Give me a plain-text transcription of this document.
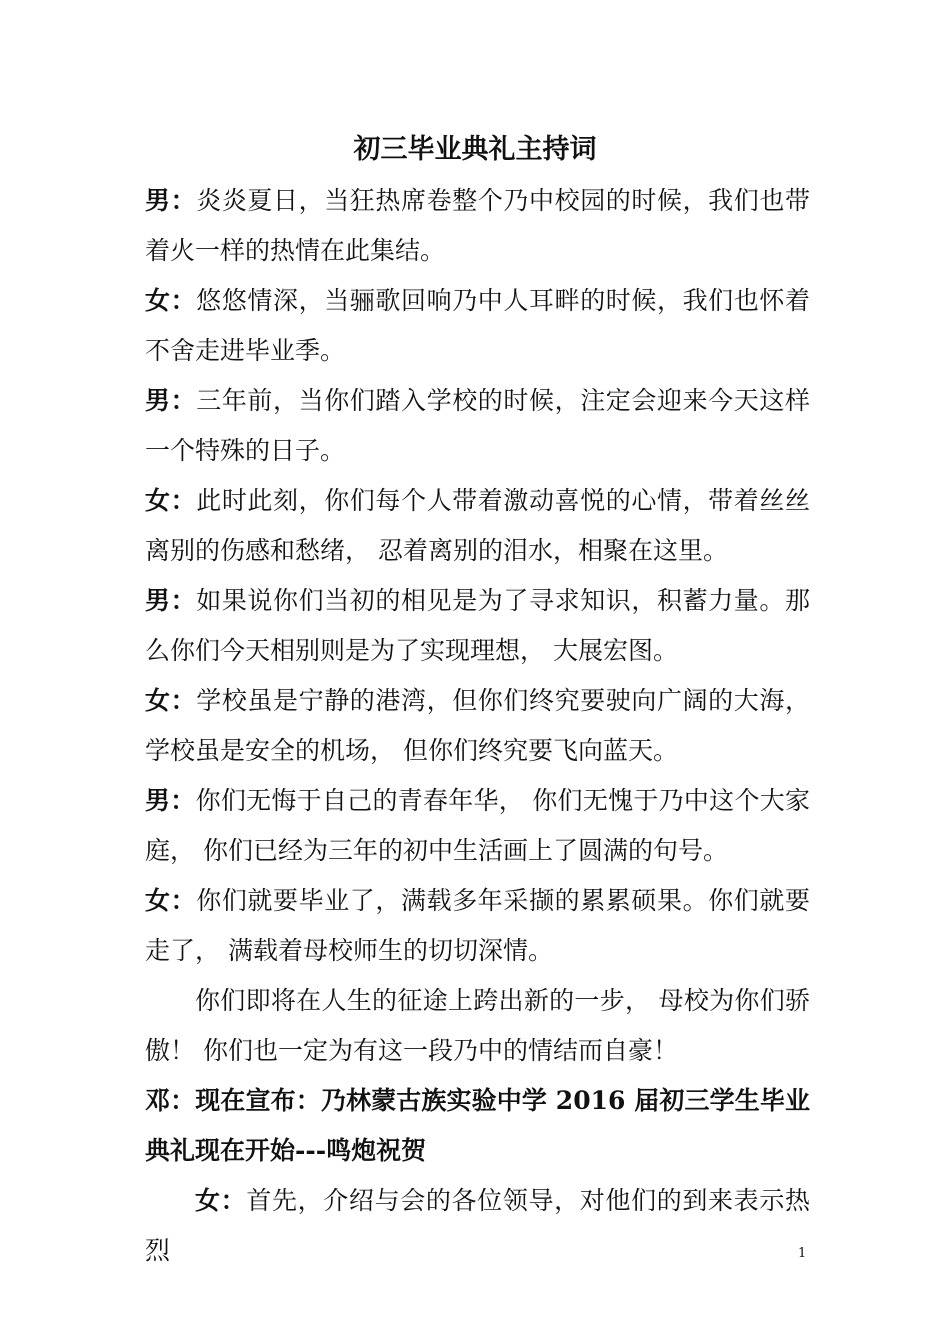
初三毕业典礼主持词

男：炎炎夏日，当狂热席卷整个乃中校园的时候，我们也带着火一样的热情在此集结。

女：悠悠情深，当骊歌回响乃中人耳畔的时候，我们也怀着不舍走进毕业季。

男：三年前，当你们踏入学校的时候，注定会迎来今天这样一个特殊的日子。

女：此时此刻，你们每个人带着激动喜悦的心情，带着丝丝离别的伤感和愁绪， 忍着离别的泪水，相聚在这里。

男：如果说你们当初的相见是为了寻求知识，积蓄力量。那么你们今天相别则是为了实现理想， 大展宏图。

女：学校虽是宁静的港湾，但你们终究要驶向广阔的大海，学校虽是安全的机场， 但你们终究要飞向蓝天。

男：你们无悔于自己的青春年华， 你们无愧于乃中这个大家庭， 你们已经为三年的初中生活画上了圆满的句号。

女：你们就要毕业了，满载多年采撷的累累硕果。你们就要走了， 满载着母校师生的切切深情。

你们即将在人生的征途上跨出新的一步， 母校为你们骄傲！ 你们也一定为有这一段乃中的情结而自豪！

邓：现在宣布：乃林蒙古族实验中学 2016 届初三学生毕业典礼现在开始---鸣炮祝贺

女：首先，介绍与会的各位领导，对他们的到来表示热烈	1
